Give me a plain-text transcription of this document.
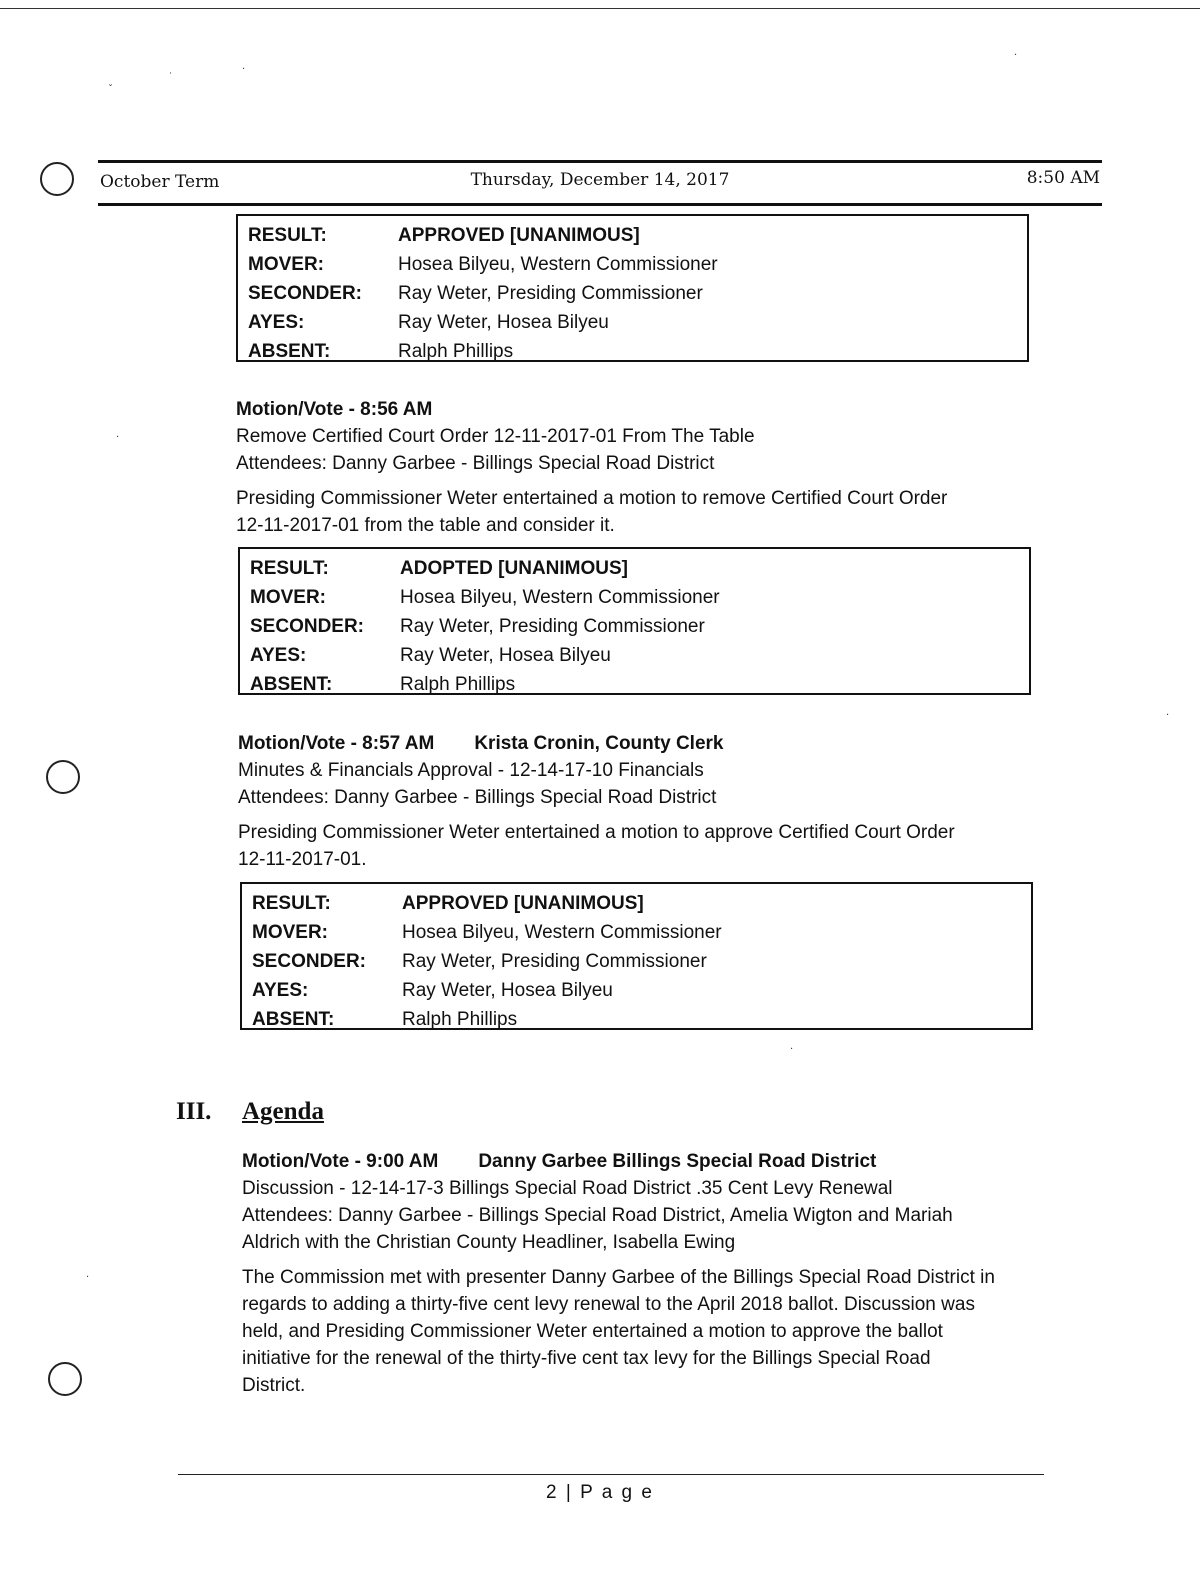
ˇ
˙
·
·
·
·
·
·
October Term	Thursday, December 14, 2017	8:50 AM
RESULT:	APPROVED [UNANIMOUS]
MOVER:	Hosea Bilyeu, Western Commissioner
SECONDER:	Ray Weter, Presiding Commissioner
AYES:	Ray Weter, Hosea Bilyeu
ABSENT:	Ralph Phillips
Motion/Vote - 8:56 AM
Remove Certified Court Order 12-11-2017-01 From The Table
Attendees: Danny Garbee - Billings Special Road District
Presiding Commissioner Weter entertained a motion to remove Certified Court Order
12-11-2017-01 from the table and consider it.
RESULT:	ADOPTED [UNANIMOUS]
MOVER:	Hosea Bilyeu, Western Commissioner
SECONDER:	Ray Weter, Presiding Commissioner
AYES:	Ray Weter, Hosea Bilyeu
ABSENT:	Ralph Phillips
Motion/Vote - 8:57 AM Krista Cronin, County Clerk
Minutes & Financials Approval - 12-14-17-10 Financials
Attendees: Danny Garbee - Billings Special Road District
Presiding Commissioner Weter entertained a motion to approve Certified Court Order
12-11-2017-01.
RESULT:	APPROVED [UNANIMOUS]
MOVER:	Hosea Bilyeu, Western Commissioner
SECONDER:	Ray Weter, Presiding Commissioner
AYES:	Ray Weter, Hosea Bilyeu
ABSENT:	Ralph Phillips
III. Agenda
Motion/Vote - 9:00 AM Danny Garbee Billings Special Road District
Discussion - 12-14-17-3 Billings Special Road District .35 Cent Levy Renewal
Attendees: Danny Garbee - Billings Special Road District, Amelia Wigton and Mariah
Aldrich with the Christian County Headliner, Isabella Ewing
The Commission met with presenter Danny Garbee of the Billings Special Road District in
regards to adding a thirty-five cent levy renewal to the April 2018 ballot. Discussion was
held, and Presiding Commissioner Weter entertained a motion to approve the ballot
initiative for the renewal of the thirty-five cent tax levy for the Billings Special Road
District.
2 | P a g e
